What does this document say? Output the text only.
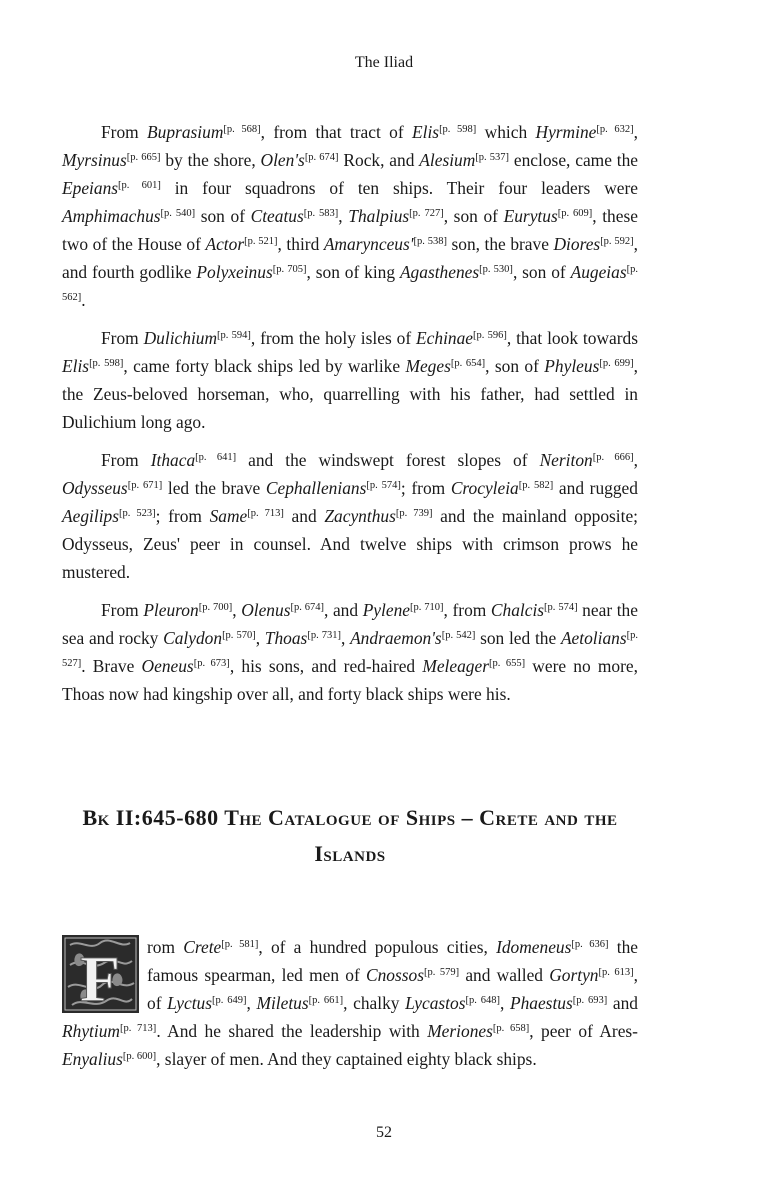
The Iliad

From Buprasium[p. 568], from that tract of Elis[p. 598] which Hyrmine[p. 632], Myrsinus[p. 665] by the shore, Olen's[p. 674] Rock, and Alesium[p. 537] enclose, came the Epeians[p. 601] in four squadrons of ten ships. Their four leaders were Amphimachus[p. 540] son of Cteatus[p. 583], Thalpius[p. 727], son of Eurytus[p. 609], these two of the House of Actor[p. 521], third Amarynceus'[p. 538] son, the brave Diores[p. 592], and fourth godlike Polyxeinus[p. 705], son of king Agasthenes[p. 530], son of Augeias[p. 562].

From Dulichium[p. 594], from the holy isles of Echinae[p. 596], that look towards Elis[p. 598], came forty black ships led by warlike Meges[p. 654], son of Phyleus[p. 699], the Zeus-beloved horseman, who, quarrelling with his father, had settled in Dulichium long ago.

From Ithaca[p. 641] and the windswept forest slopes of Neriton[p. 666], Odysseus[p. 671] led the brave Cephallenians[p. 574]; from Crocyleia[p. 582] and rugged Aegilips[p. 523]; from Same[p. 713] and Zacynthus[p. 739] and the mainland opposite; Odysseus, Zeus' peer in counsel. And twelve ships with crimson prows he mustered.

From Pleuron[p. 700], Olenus[p. 674], and Pylene[p. 710], from Chalcis[p. 574] near the sea and rocky Calydon[p. 570], Thoas[p. 731], Andraemon's[p. 542] son led the Aetolians[p. 527]. Brave Oeneus[p. 673], his sons, and red-haired Meleager[p. 655] were no more, Thoas now had kingship over all, and forty black ships were his.

Bk II:645-680 The Catalogue of Ships – Crete and the Islands
F	rom Crete[p. 581], of a hundred populous cities, Idomeneus[p. 636] the famous spearman, led men of Cnossos[p. 579] and walled Gortyn[p. 613], of Lyctus[p. 649], Miletus[p. 661], chalky Lycastos[p. 648], Phaestus[p. 693] and Rhytium[p. 713]. And he shared the leadership with Meriones[p. 658], peer of Ares-Enyalius[p. 600], slayer of men. And they captained eighty black ships.

52
